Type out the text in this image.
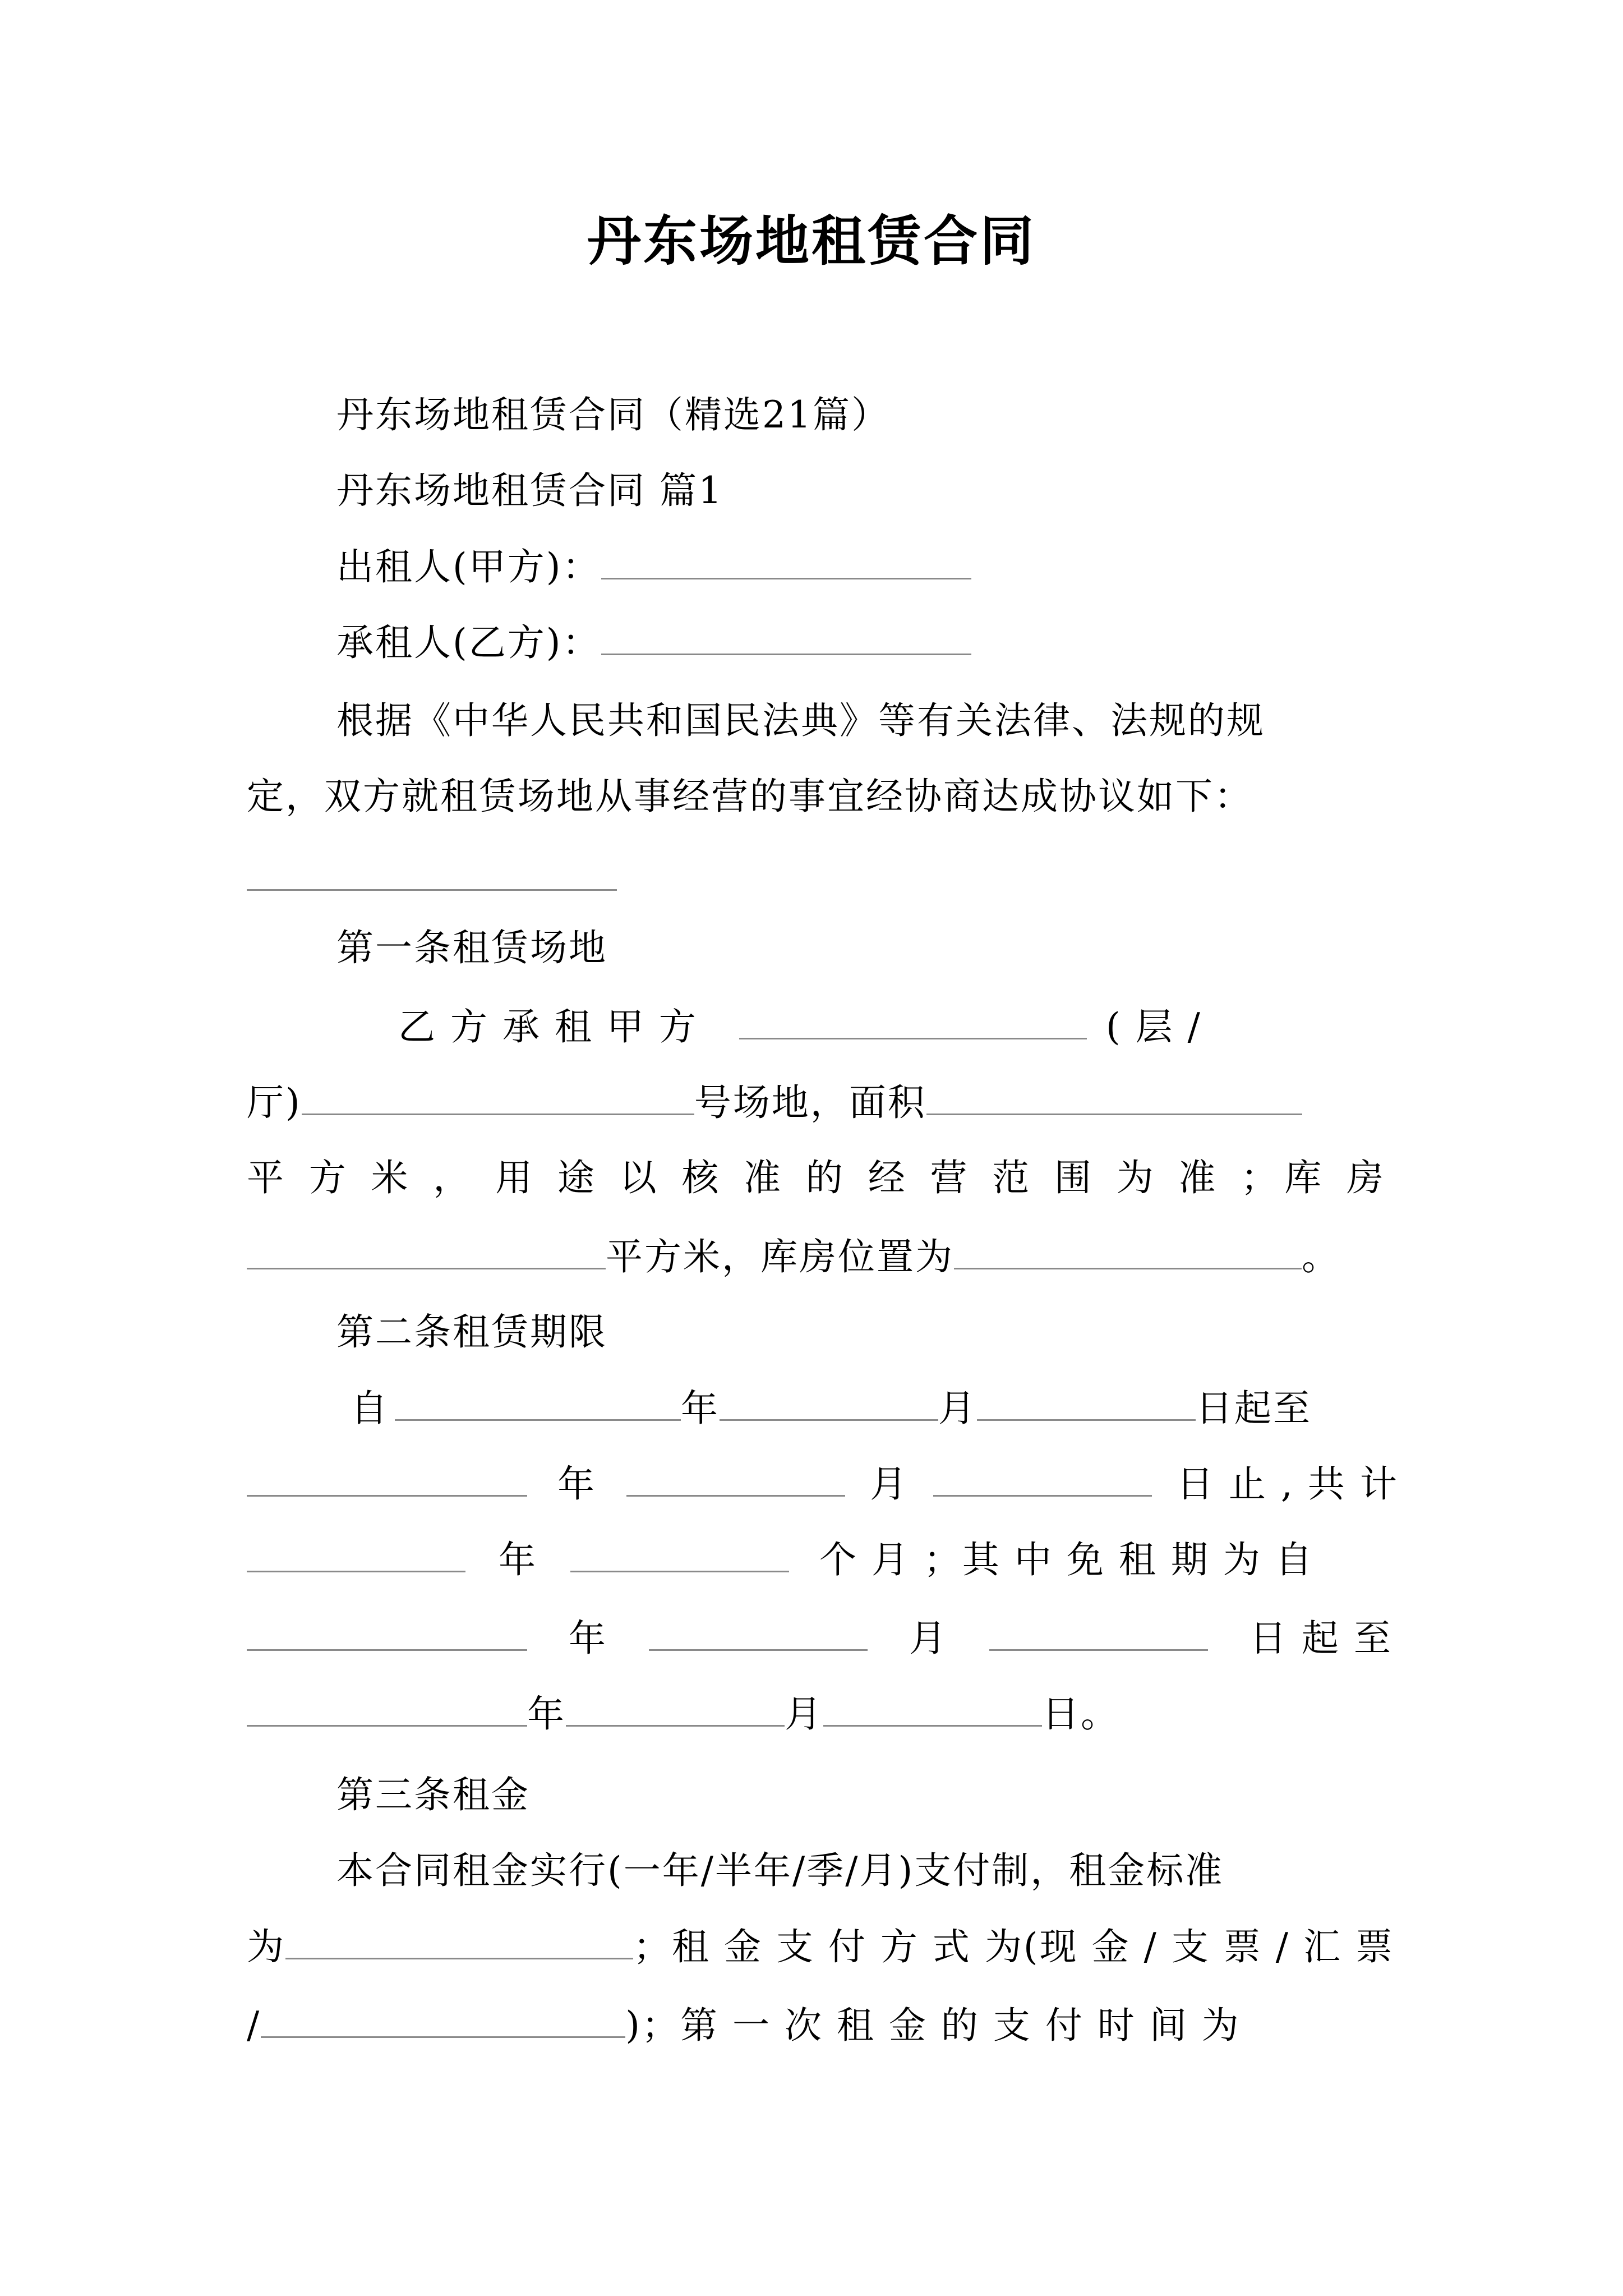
丹东场地租赁合同
丹东场地租赁合同（精选21篇）
丹东场地租赁合同 篇1
出租人(甲方)：
承租人(乙方)：
根据《中华人民共和国民法典》等有关法律、法规的规
定，双方就租赁场地从事经营的事宜经协商达成协议如下：
第一条租赁场地
乙 方 承 租 甲 方	( 层 /
厅)	号场地，面积
平 方 米 ， 用 途 以 核 准 的 经 营 范 围 为 准 ；库 房
平方米，库房位置为	。
第二条租赁期限
自	年	月	日起至
年	月	日 止 , 共 计
年	个 月 ；其 中 免 租 期 为 自
年	月	日 起 至
年	月	日。
第三条租金
本合同租金实行(一年/半年/季/月)支付制，租金标准
为	；租 金 支 付 方 式 为(现 金 / 支 票 / 汇 票
/	)；第 一 次 租 金 的 支 付 时 间 为
